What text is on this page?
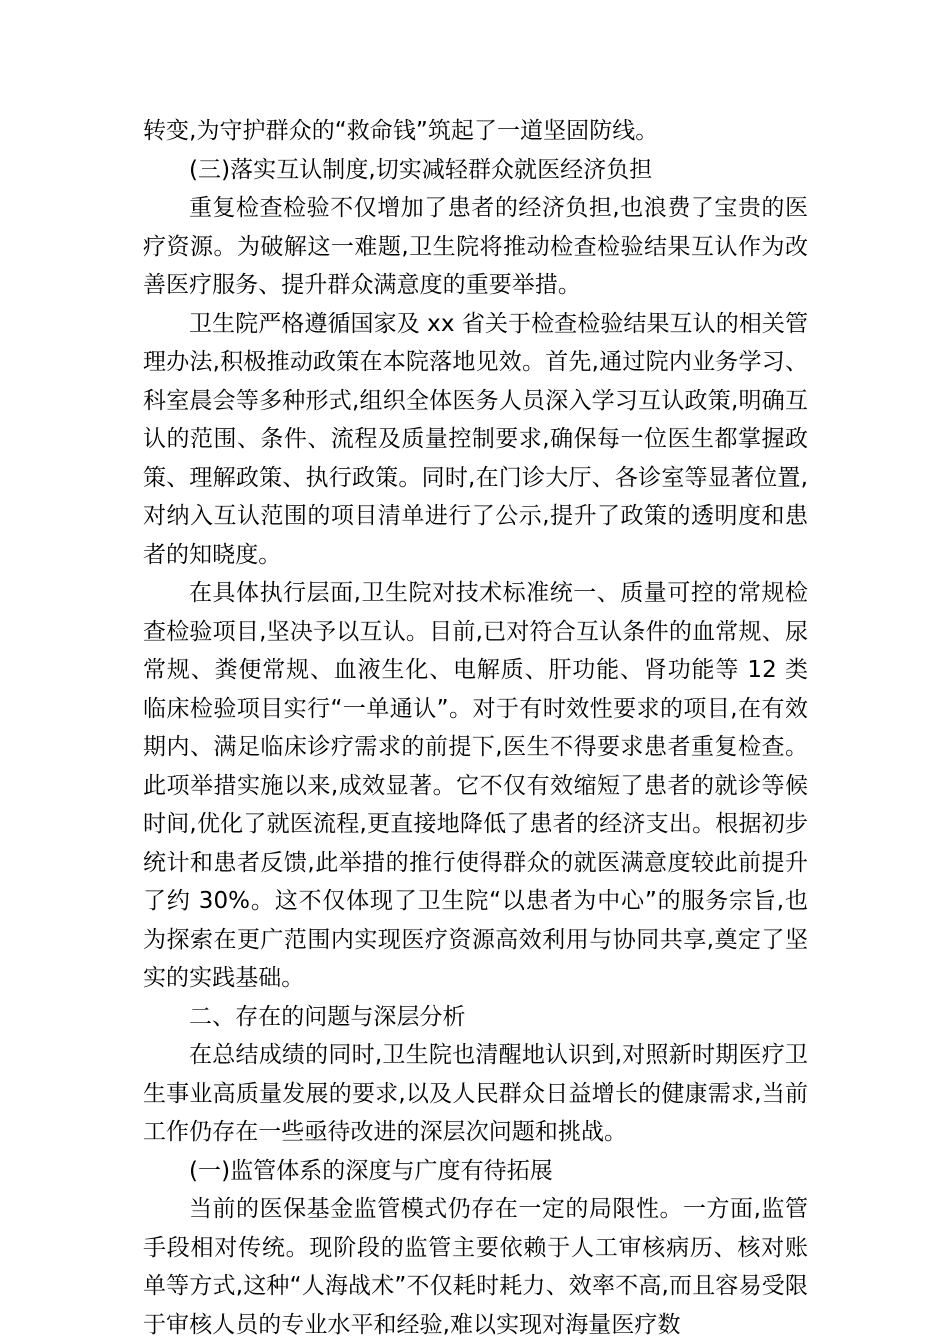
转变,为守护群众的“救命钱”筑起了一道坚固防线。

(三)落实互认制度,切实减轻群众就医经济负担

重复检查检验不仅增加了患者的经济负担,也浪费了宝贵的医疗资源。为破解这一难题,卫生院将推动检查检验结果互认作为改善医疗服务、提升群众满意度的重要举措。

卫生院严格遵循国家及 xx 省关于检查检验结果互认的相关管理办法,积极推动政策在本院落地见效。首先,通过院内业务学习、科室晨会等多种形式,组织全体医务人员深入学习互认政策,明确互认的范围、条件、流程及质量控制要求,确保每一位医生都掌握政策、理解政策、执行政策。同时,在门诊大厅、各诊室等显著位置,对纳入互认范围的项目清单进行了公示,提升了政策的透明度和患者的知晓度。

在具体执行层面,卫生院对技术标准统一、质量可控的常规检查检验项目,坚决予以互认。目前,已对符合互认条件的血常规、尿常规、粪便常规、血液生化、电解质、肝功能、肾功能等 12 类临床检验项目实行“一单通认”。对于有时效性要求的项目,在有效期内、满足临床诊疗需求的前提下,医生不得要求患者重复检查。此项举措实施以来,成效显著。它不仅有效缩短了患者的就诊等候时间,优化了就医流程,更直接地降低了患者的经济支出。根据初步统计和患者反馈,此举措的推行使得群众的就医满意度较此前提升了约 30%。这不仅体现了卫生院“以患者为中心”的服务宗旨,也为探索在更广范围内实现医疗资源高效利用与协同共享,奠定了坚实的实践基础。

二、存在的问题与深层分析

在总结成绩的同时,卫生院也清醒地认识到,对照新时期医疗卫生事业高质量发展的要求,以及人民群众日益增长的健康需求,当前工作仍存在一些亟待改进的深层次问题和挑战。

(一)监管体系的深度与广度有待拓展

当前的医保基金监管模式仍存在一定的局限性。一方面,监管手段相对传统。现阶段的监管主要依赖于人工审核病历、核对账单等方式,这种“人海战术”不仅耗时耗力、效率不高,而且容易受限于审核人员的专业水平和经验,难以实现对海量医疗数
